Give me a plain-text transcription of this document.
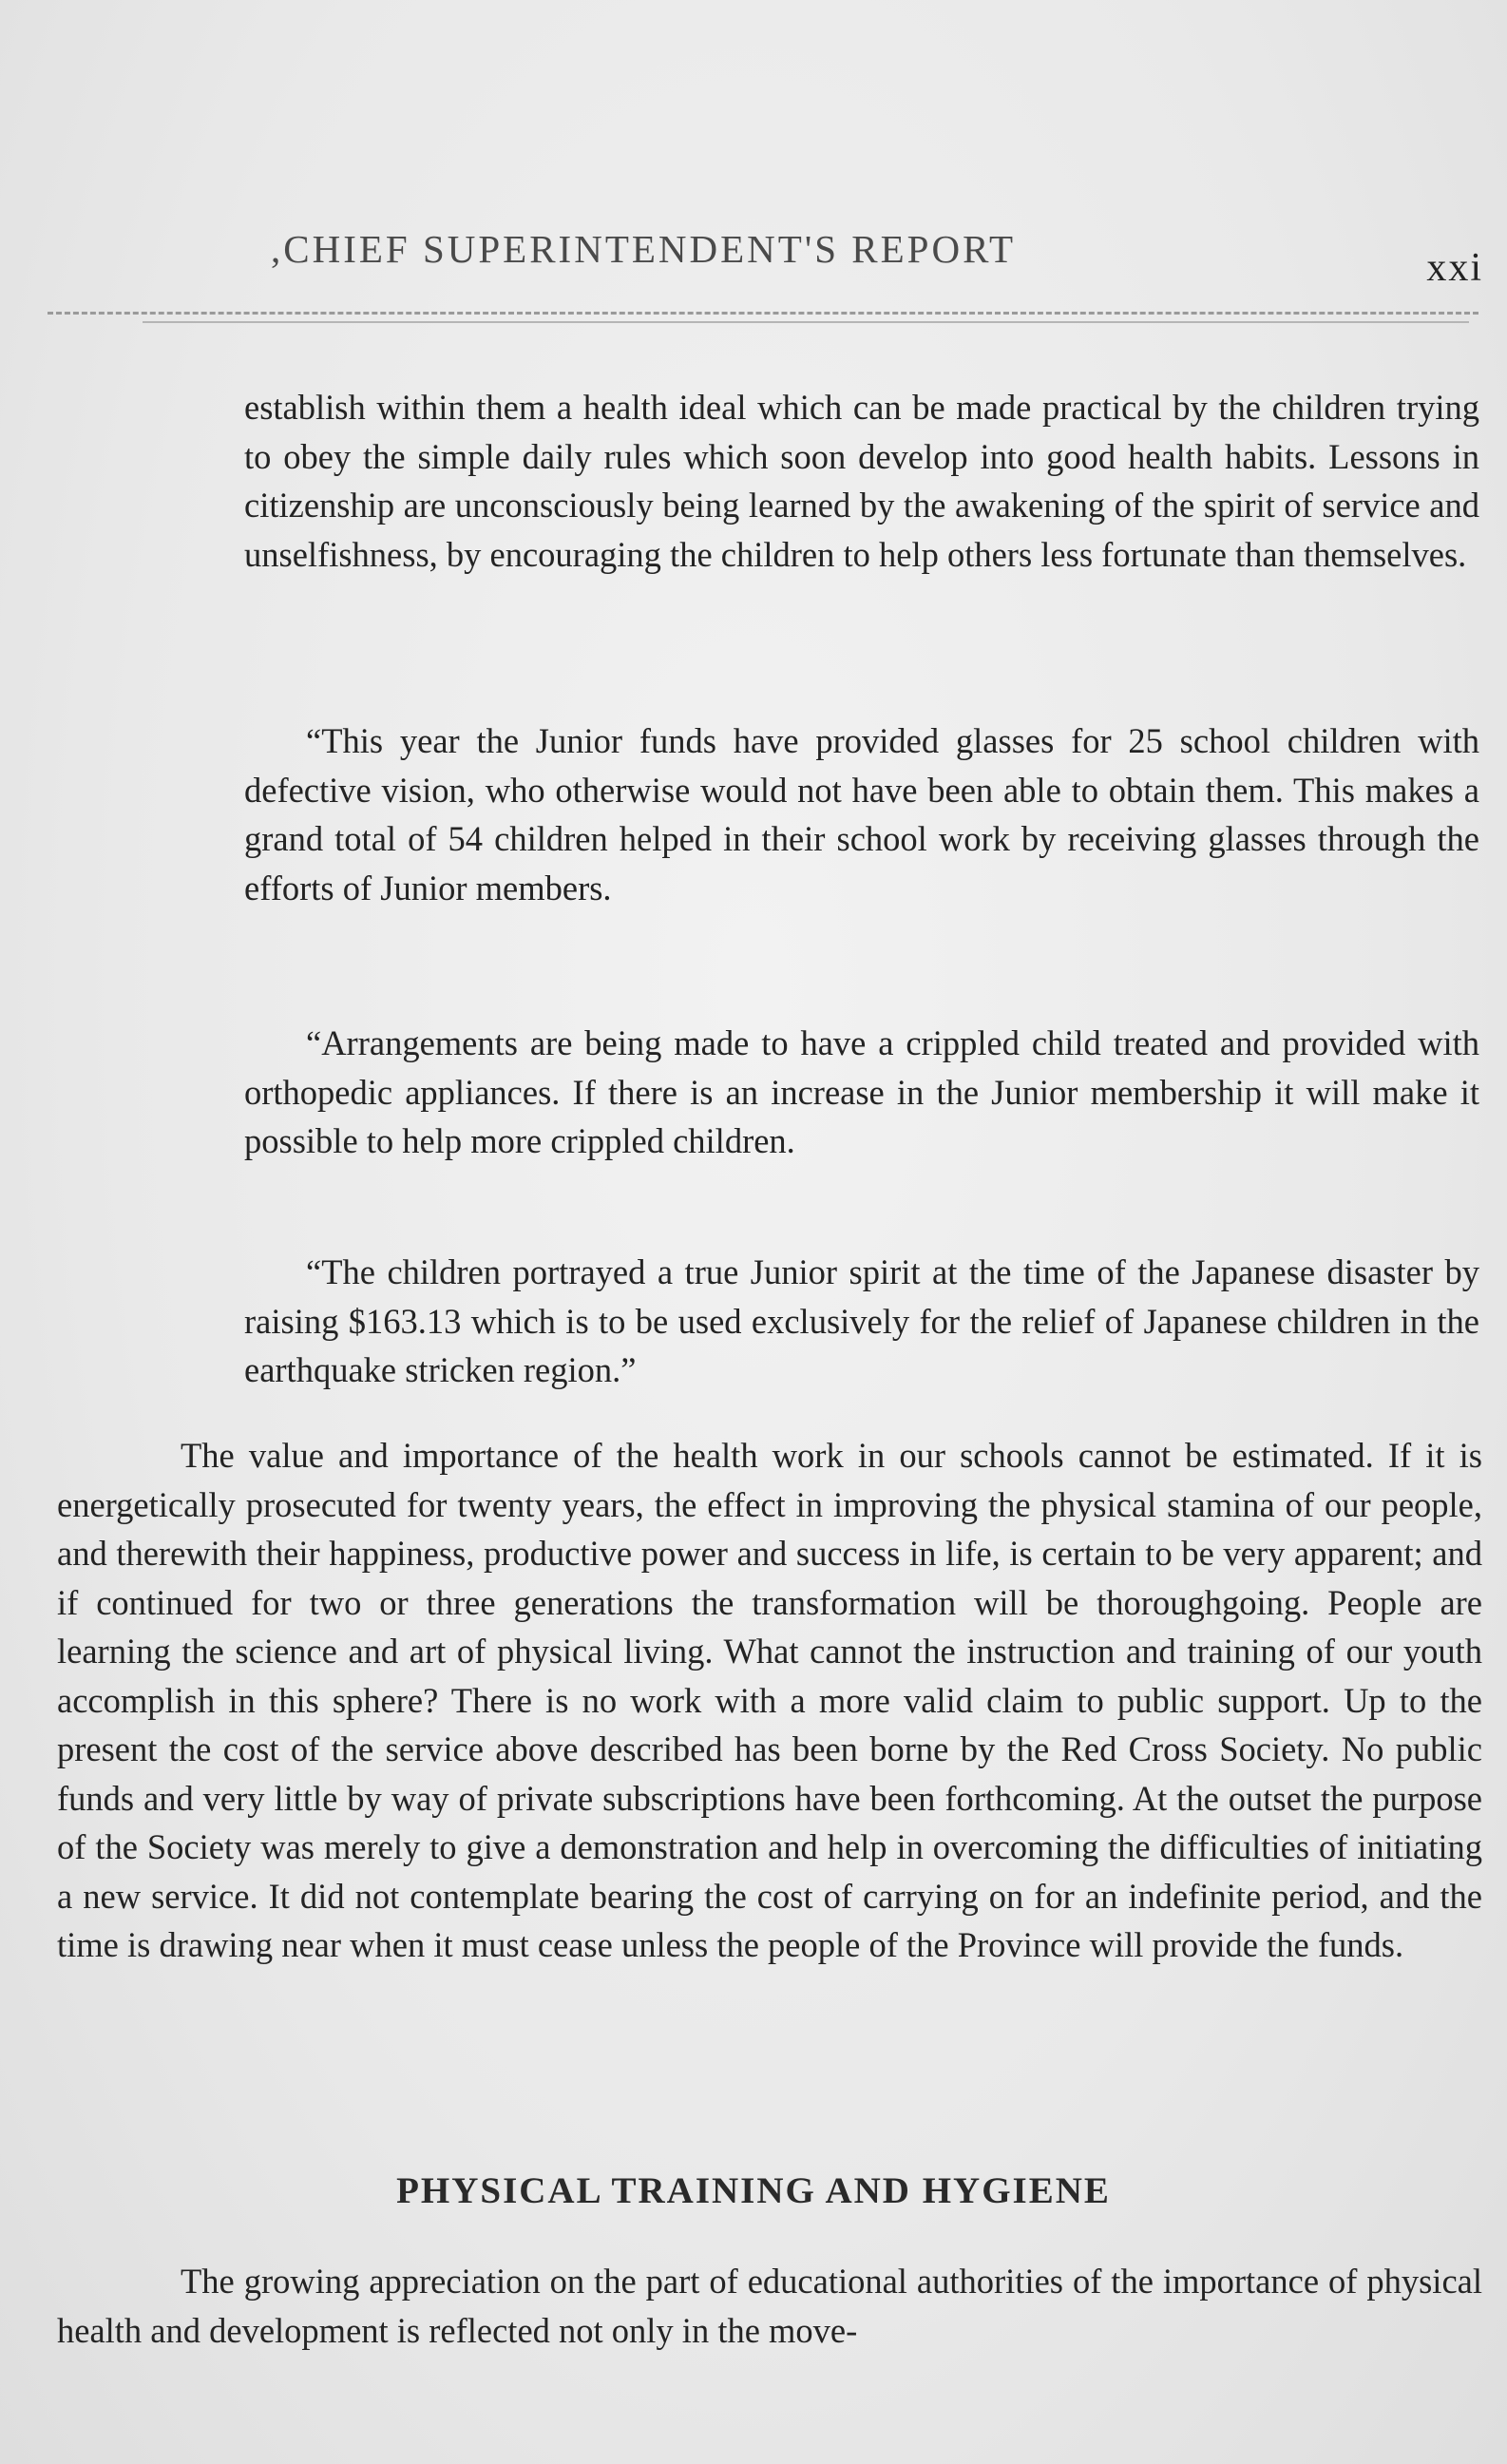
,CHIEF SUPERINTENDENT'S REPORT	xxi

establish within them a health ideal which can be made practical by the children trying to obey the simple daily rules which soon develop into good health habits. Lessons in citizenship are unconsciously being learned by the awakening of the spirit of service and unselfishness, by encouraging the children to help others less fortunate than themselves.

“This year the Junior funds have provided glasses for 25 school children with defective vision, who otherwise would not have been able to obtain them. This makes a grand total of 54 children helped in their school work by receiving glasses through the efforts of Junior members.

“Arrangements are being made to have a crippled child treated and provided with orthopedic appliances. If there is an increase in the Junior membership it will make it possible to help more crippled children.

“The children portrayed a true Junior spirit at the time of the Japanese disaster by raising $163.13 which is to be used exclusively for the relief of Japanese children in the earthquake stricken region.”

The value and importance of the health work in our schools cannot be estimated. If it is energetically prosecuted for twenty years, the effect in improving the physical stamina of our people, and therewith their happiness, productive power and success in life, is certain to be very apparent; and if continued for two or three generations the transformation will be thoroughgoing. People are learning the science and art of physical living. What cannot the instruction and training of our youth accomplish in this sphere? There is no work with a more valid claim to public support. Up to the present the cost of the service above described has been borne by the Red Cross Society. No public funds and very little by way of private subscriptions have been forthcoming. At the outset the purpose of the Society was merely to give a demonstration and help in overcoming the difficulties of initiating a new service. It did not contemplate bearing the cost of carrying on for an indefinite period, and the time is drawing near when it must cease unless the people of the Province will provide the funds.

PHYSICAL TRAINING AND HYGIENE

The growing appreciation on the part of educational authorities of the importance of physical health and development is reflected not only in the move-
